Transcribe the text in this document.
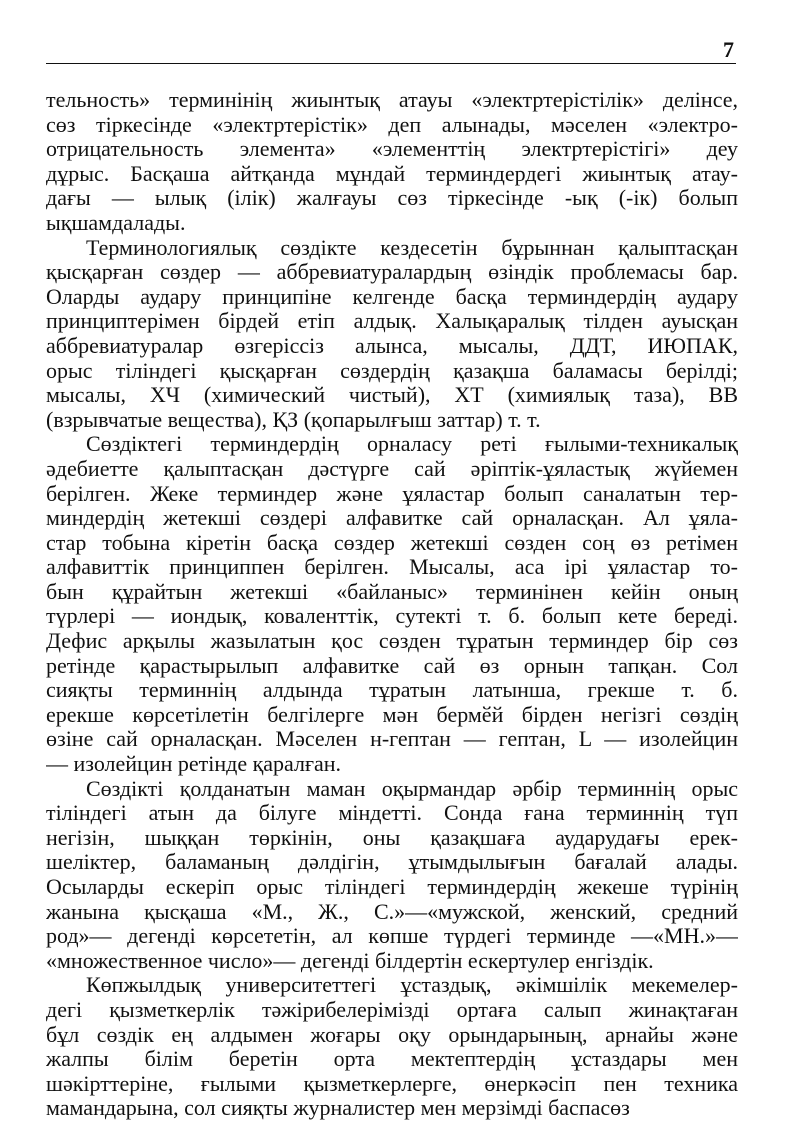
7
тельность» терминінің жиынтық атауы «электртерістілік» делінсе,
сөз тіркесінде «электртерістік» деп алынады, мәселен «электро-
отрицательность элемента» «элементтің электртерістігі» деу
дұрыс. Басқаша айтқанда мұндай терминдердегі жиынтық атау-
дағы — ылық (ілік) жалғауы сөз тіркесінде -ық (-ік) болып
ықшамдалады.
Терминологиялық сөздікте кездесетін бұрыннан қалыптасқан
қысқарған сөздер — аббревиатуралардың өзіндік проблемасы бар.
Оларды аудару принципіне келгенде басқа терминдердің аудару
принциптерімен бірдей етіп алдық. Халықаралық тілден ауысқан
аббревиатуралар өзгеріссіз алынса, мысалы, ДДТ, ИЮПАК,
орыс тіліндегі қысқарған сөздердің қазақша баламасы берілді;
мысалы, ХЧ (химический чистый), ХТ (химиялық таза), ВВ
(взрывчатые вещества), ҚЗ (қопарылғыш заттар) т. т.
Сөздіктегі терминдердің орналасу реті ғылыми-техникалық
әдебиетте қалыптасқан дәстүрге сай әріптік-ұяластық жүйемен
берілген. Жеке терминдер және ұяластар болып саналатын тер-
миндердің жетекші сөздері алфавитке сай орналасқан. Ал ұяла-
стар тобына кіретін басқа сөздер жетекші сөзден соң өз ретімен
алфавиттік принциппен берілген. Мысалы, аса ірі ұяластар то-
бын құрайтын жетекші «байланыс» терминінен кейін оның
түрлері — иондық, коваленттік, сутекті т. б. болып кете береді.
Дефис арқылы жазылатын қос сөзден тұратын терминдер бір сөз
ретінде қарастырылып алфавитке сай өз орнын тапқан. Сол
сияқты терминнің алдында тұратын латынша, грекше т. б.
ерекше көрсетілетін белгілерге мән бермӗй бірден негізгі сөздің
өзіне сай орналасқан. Мәселен н-гептан — гептан, L — изолейцин
— изолейцин ретінде қаралған.
Сөздікті қолданатын маман оқырмандар әрбір терминнің орыс
тіліндегі атын да білуге міндетті. Сонда ғана терминнің түп
негізін, шыққан төркінін, оны қазақшаға аударудағы ерек-
шеліктер, баламаның дәлдігін, ұтымдылығын бағалай алады.
Осыларды ескеріп орыс тіліндегі терминдердің жекеше түрінің
жанына қысқаша «М., Ж., С.»—«мужской, женский, средний
род»— дегенді көрсететін, ал көпше түрдегі терминде —«МН.»—
«множественное число»— дегенді білдертін ескертулер енгіздік.
Көпжылдық университеттегі ұстаздық, әкімшілік мекемелер-
дегі қызметкерлік тәжірибелерімізді ортаға салып жинақтаған
бұл сөздік ең алдымен жоғары оқу орындарының, арнайы және
жалпы білім беретін орта мектептердің ұстаздары мен
шәкірттеріне, ғылыми қызметкерлерге, өнеркәсіп пен техника
мамандарына, сол сияқты журналистер мен мерзімді баспасөз
